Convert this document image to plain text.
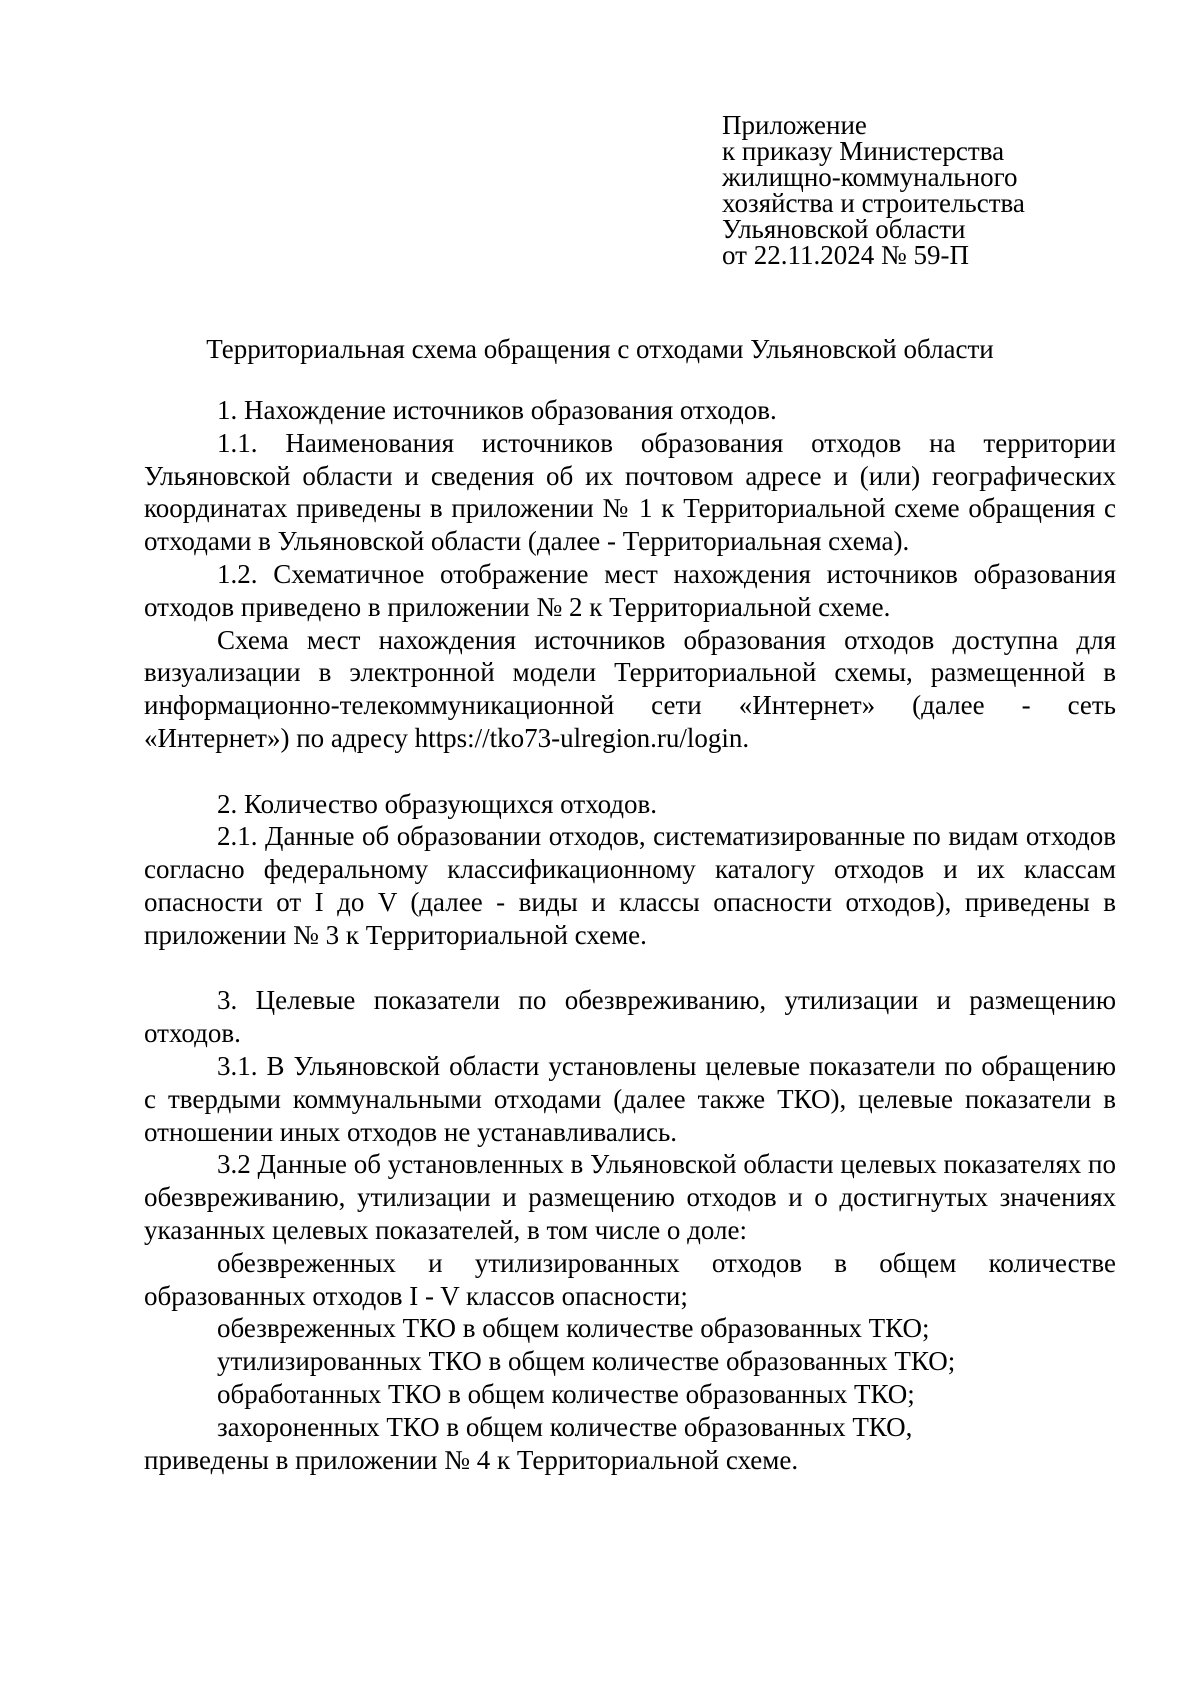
Приложение
к приказу Министерства
жилищно-коммунального
хозяйства и строительства
Ульяновской области
от 22.11.2024 № 59-П
Территориальная схема обращения с отходами Ульяновской области

1. Нахождение источников образования отходов.

1.1. Наименования источников образования отходов на территории Ульяновской области и сведения об их почтовом адресе и (или) географических координатах приведены в приложении № 1 к Территориальной схеме обращения с отходами в Ульяновской области (далее - Территориальная схема).

1.2. Схематичное отображение мест нахождения источников образования отходов приведено в приложении № 2 к Территориальной схеме.

Схема мест нахождения источников образования отходов доступна для визуализации в электронной модели Территориальной схемы, размещенной в информационно-телекоммуникационной сети «Интернет» (далее - сеть «Интернет») по адресу https://tko73-ulregion.ru/login.

2. Количество образующихся отходов.

2.1. Данные об образовании отходов, систематизированные по видам отходов согласно федеральному классификационному каталогу отходов и их классам опасности от I до V (далее - виды и классы опасности отходов), приведены в приложении № 3 к Территориальной схеме.

3. Целевые показатели по обезвреживанию, утилизации и размещению отходов.

3.1. В Ульяновской области установлены целевые показатели по обращению с твердыми коммунальными отходами (далее также ТКО), целевые показатели в отношении иных отходов не устанавливались.

3.2 Данные об установленных в Ульяновской области целевых показателях по обезвреживанию, утилизации и размещению отходов и о достигнутых значениях указанных целевых показателей, в том числе о доле:

обезвреженных и утилизированных отходов в общем количестве образованных отходов I - V классов опасности;

обезвреженных ТКО в общем количестве образованных ТКО;

утилизированных ТКО в общем количестве образованных ТКО;

обработанных ТКО в общем количестве образованных ТКО;

захороненных ТКО в общем количестве образованных ТКО,

приведены в приложении № 4 к Территориальной схеме.
